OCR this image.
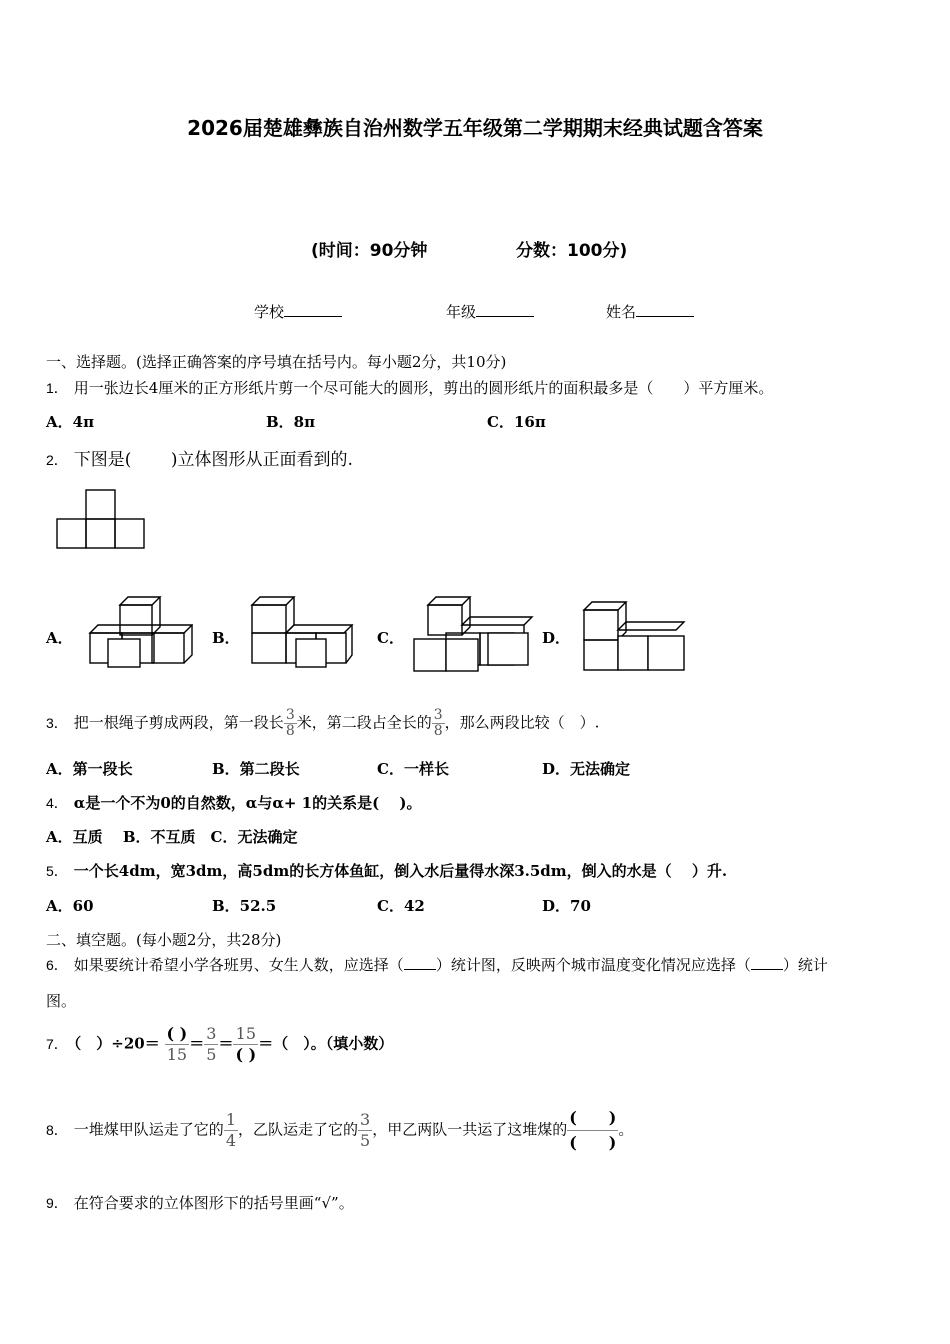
2026届楚雄彝族自治州数学五年级第二学期期末经典试题含答案
(时间：90分钟	分数：100分)
学校	年级	姓名
一、选择题。(选择正确答案的序号填在括号内。每小题2分，共10分)
1． 用一张边长4厘米的正方形纸片剪一个尽可能大的圆形，剪出的圆形纸片的面积最多是（　　）平方厘米。
A．4π	B．8π	C．16π
2． 下图是(　　 )立体图形从正面看到的.
A．	B．	C．	D．
3． 把一根绳子剪成两段，第一段长 $\frac{3}{8}$ 米，第二段占全长的 $\frac{3}{8}$ ，那么两段比较（　）.
A．第一段长	B．第二段长	C．一样长	D．无法确定
4． α是一个不为0的自然数，α与α+ 1的关系是(　 )。
A．互质　 B．不互质　C．无法确定
5． 一个长4dm，宽3dm，高5dm的长方体鱼缸，倒入水后量得水深3.5dm，倒入的水是（　 ）升.
A．60	B．52.5	C．42	D．70
二、填空题。(每小题2分，共28分)
6． 如果要统计希望小学各班男、女生人数，应选择（ ）统计图，反映两个城市温度变化情况应选择（ ）统计
图。
7． （　）$\div 20= \frac{( )}{15} = \frac{3}{5} = \frac{15}{( )}$ ＝（　）。（填小数）
8． 一堆煤甲队运走了它的 $\frac{1}{4}$ ，乙队运走了它的 $\frac{3}{5}$ ，甲乙两队一共运了这堆煤的 $\frac{( )}{( )}$ 。
9． 在符合要求的立体图形下的括号里画“√”。
